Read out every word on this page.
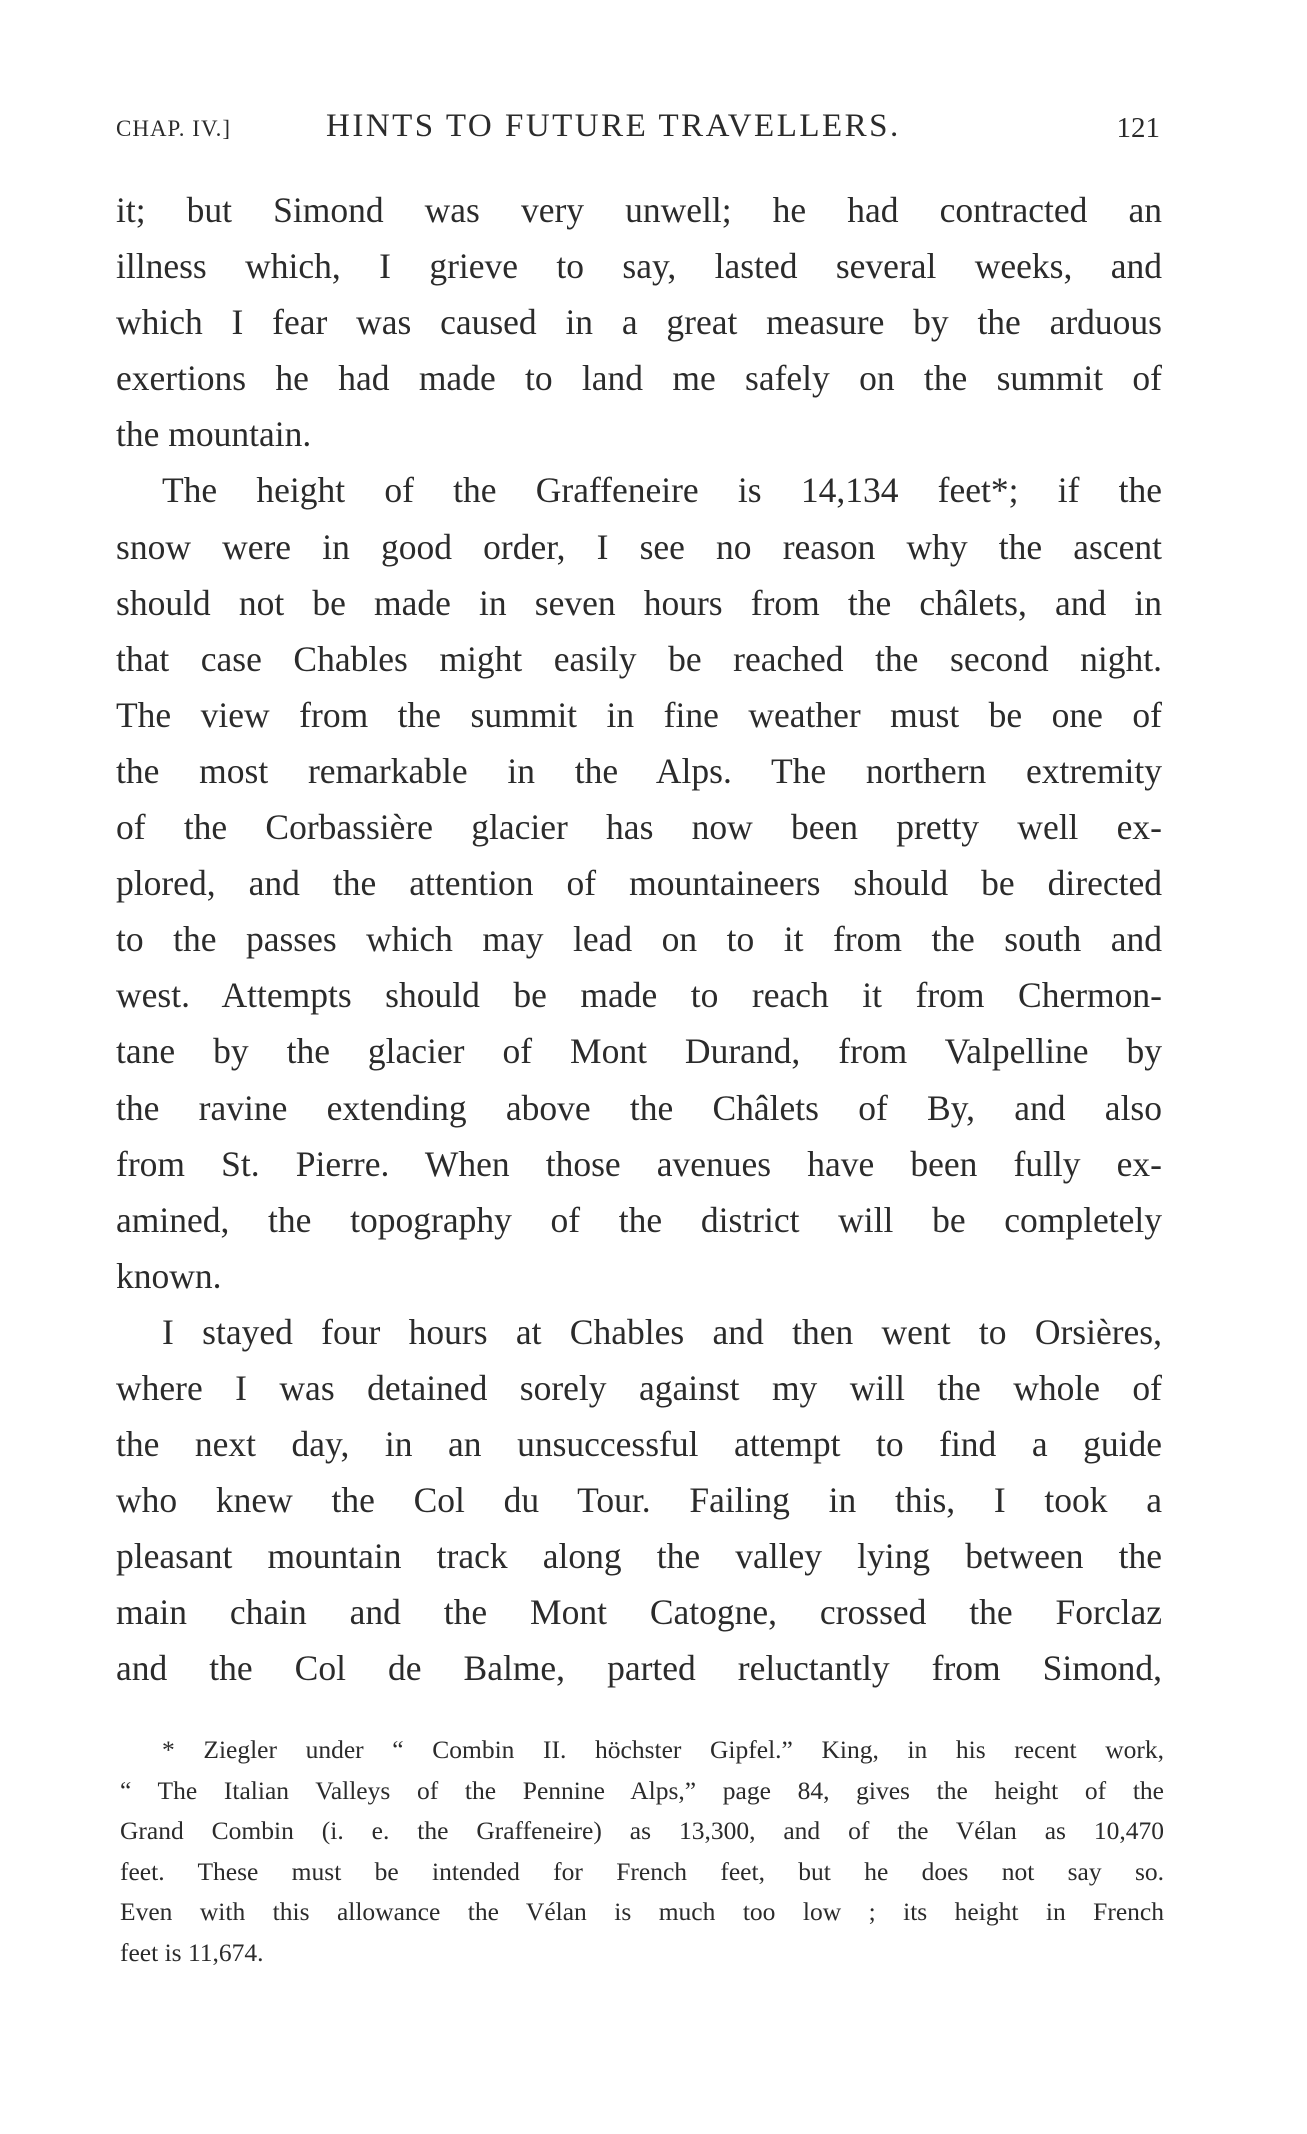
CHAP. IV.]	HINTS TO FUTURE TRAVELLERS.	121
it; but Simond was very unwell; he had contracted an
illness which, I grieve to say, lasted several weeks, and
which I fear was caused in a great measure by the arduous
exertions he had made to land me safely on the summit of
the mountain.
The height of the Graffeneire is 14,134 feet*; if the
snow were in good order, I see no reason why the ascent
should not be made in seven hours from the châlets, and in
that case Chables might easily be reached the second night.
The view from the summit in fine weather must be one of
the most remarkable in the Alps. The northern extremity
of the Corbassière glacier has now been pretty well ex-
plored, and the attention of mountaineers should be directed
to the passes which may lead on to it from the south and
west. Attempts should be made to reach it from Chermon-
tane by the glacier of Mont Durand, from Valpelline by
the ravine extending above the Châlets of By, and also
from St. Pierre. When those avenues have been fully ex-
amined, the topography of the district will be completely
known.
I stayed four hours at Chables and then went to Orsières,
where I was detained sorely against my will the whole of
the next day, in an unsuccessful attempt to find a guide
who knew the Col du Tour. Failing in this, I took a
pleasant mountain track along the valley lying between the
main chain and the Mont Catogne, crossed the Forclaz
and the Col de Balme, parted reluctantly from Simond,
* Ziegler under “ Combin II. höchster Gipfel.” King, in his recent work,
“ The Italian Valleys of the Pennine Alps,” page 84, gives the height of the
Grand Combin (i. e. the Graffeneire) as 13,300, and of the Vélan as 10,470
feet. These must be intended for French feet, but he does not say so.
Even with this allowance the Vélan is much too low ; its height in French
feet is 11,674.
